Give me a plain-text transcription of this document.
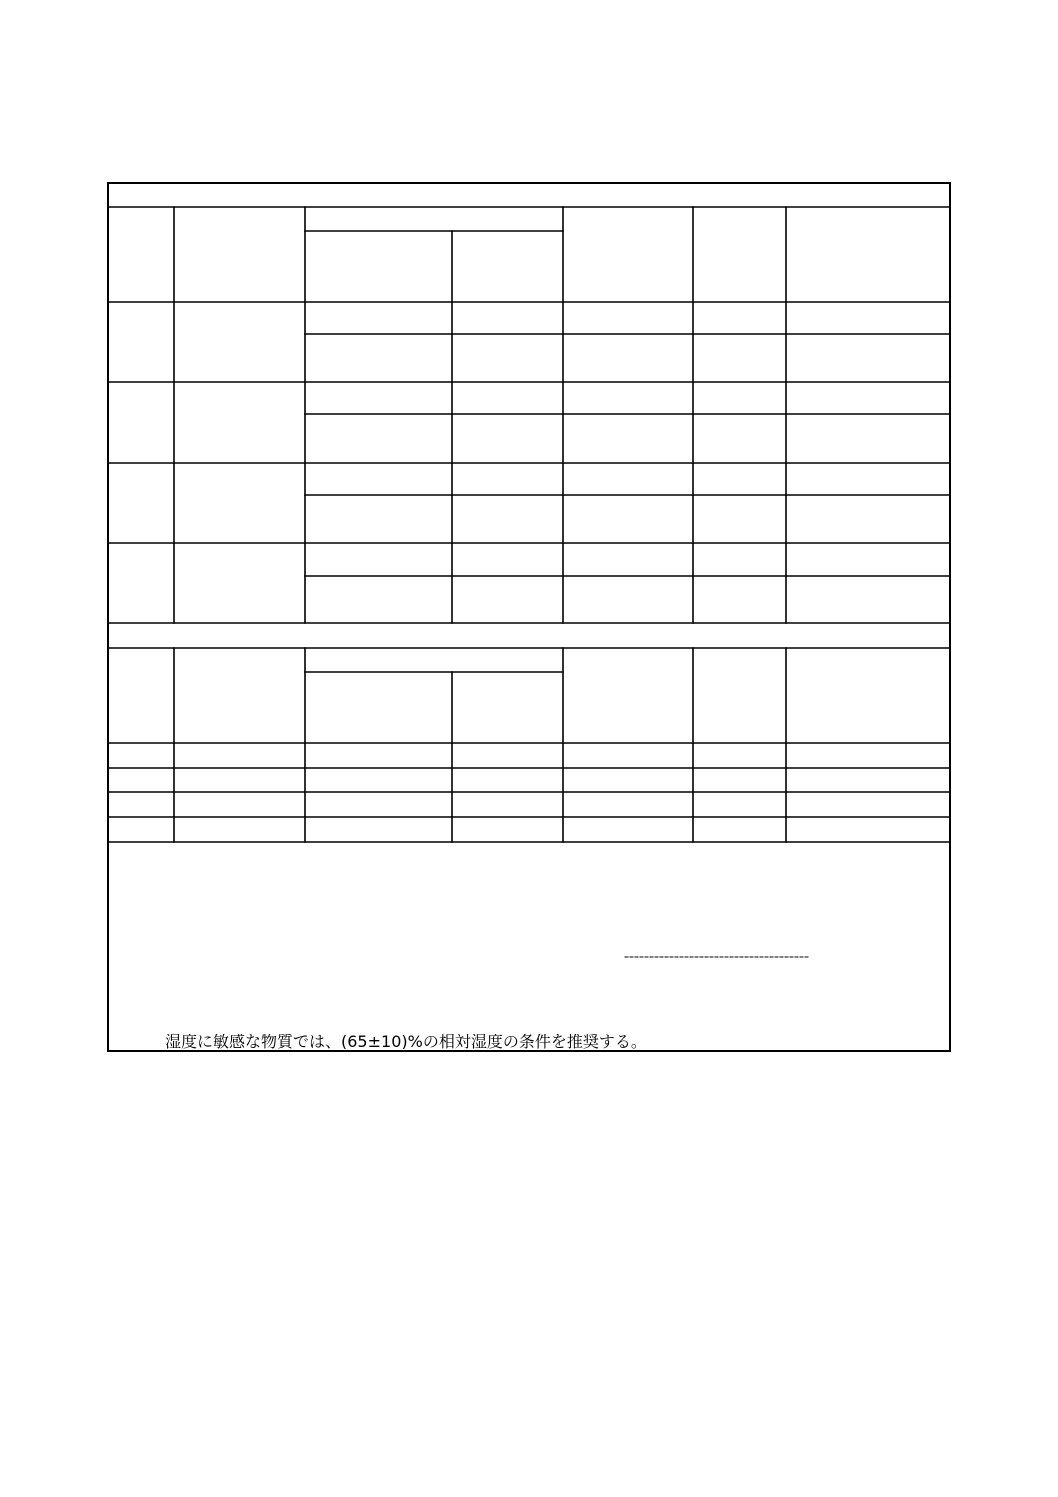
湿度に敏感な物質では、(65±10)%の相対湿度の条件を推奨する。
